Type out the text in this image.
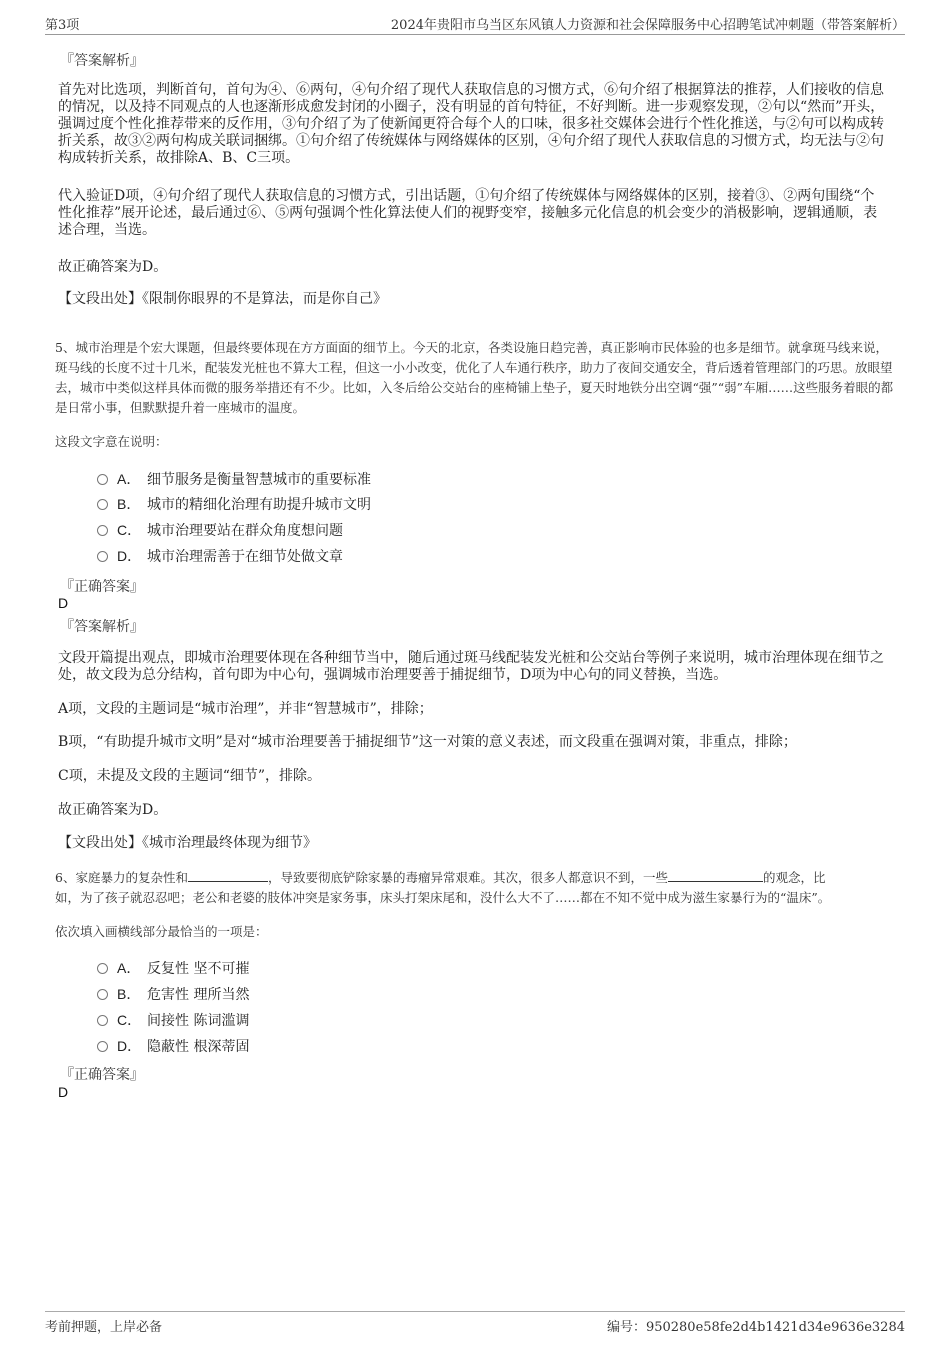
第3项	2024年贵阳市乌当区东风镇人力资源和社会保障服务中心招聘笔试冲刺题（带答案解析）
『答案解析』
首先对比选项，判断首句，首句为④、⑥两句，④句介绍了现代人获取信息的习惯方式，⑥句介绍了根据算法的推荐，人们接收的信息的情况，以及持不同观点的人也逐渐形成愈发封闭的小圈子，没有明显的首句特征，不好判断。进一步观察发现，②句以“然而”开头，强调过度个性化推荐带来的反作用，③句介绍了为了使新闻更符合每个人的口味，很多社交媒体会进行个性化推送，与②句可以构成转折关系，故③②两句构成关联词捆绑。①句介绍了传统媒体与网络媒体的区别，④句介绍了现代人获取信息的习惯方式，均无法与②句构成转折关系，故排除A、B、C三项。
代入验证D项，④句介绍了现代人获取信息的习惯方式，引出话题，①句介绍了传统媒体与网络媒体的区别，接着③、②两句围绕“个性化推荐”展开论述，最后通过⑥、⑤两句强调个性化算法使人们的视野变窄，接触多元化信息的机会变少的消极影响，逻辑通顺，表述合理，当选。
故正确答案为D。
【文段出处】《限制你眼界的不是算法，而是你自己》
5、城市治理是个宏大课题，但最终要体现在方方面面的细节上。今天的北京，各类设施日趋完善，真正影响市民体验的也多是细节。就拿斑马线来说，斑马线的长度不过十几米，配装发光桩也不算大工程，但这一小小改变，优化了人车通行秩序，助力了夜间交通安全，背后透着管理部门的巧思。放眼望去，城市中类似这样具体而微的服务举措还有不少。比如，入冬后给公交站台的座椅铺上垫子，夏天时地铁分出空调“强”“弱”车厢……这些服务着眼的都是日常小事，但默默提升着一座城市的温度。
这段文字意在说明：
A． 细节服务是衡量智慧城市的重要标准
B． 城市的精细化治理有助提升城市文明
C． 城市治理要站在群众角度想问题
D． 城市治理需善于在细节处做文章
『正确答案』
D
『答案解析』
文段开篇提出观点，即城市治理要体现在各种细节当中，随后通过斑马线配装发光桩和公交站台等例子来说明，城市治理体现在细节之处，故文段为总分结构，首句即为中心句，强调城市治理要善于捕捉细节，D项为中心句的同义替换，当选。
A项，文段的主题词是“城市治理”，并非“智慧城市”，排除；
B项，“有助提升城市文明”是对“城市治理要善于捕捉细节”这一对策的意义表述，而文段重在强调对策，非重点，排除；
C项，未提及文段的主题词“细节”，排除。
故正确答案为D。
【文段出处】《城市治理最终体现为细节》
6、家庭暴力的复杂性和	，导致要彻底铲除家暴的毒瘤异常艰难。其次，很多人都意识不到，一些	的观念，比
如，为了孩子就忍忍吧；老公和老婆的肢体冲突是家务事，床头打架床尾和，没什么大不了……都在不知不觉中成为滋生家暴行为的“温床”。
依次填入画横线部分最恰当的一项是：
A． 反复性 坚不可摧
B． 危害性 理所当然
C． 间接性 陈词滥调
D． 隐蔽性 根深蒂固
『正确答案』
D
考前押题，上岸必备	编号：950280e58fe2d4b1421d34e9636e3284
